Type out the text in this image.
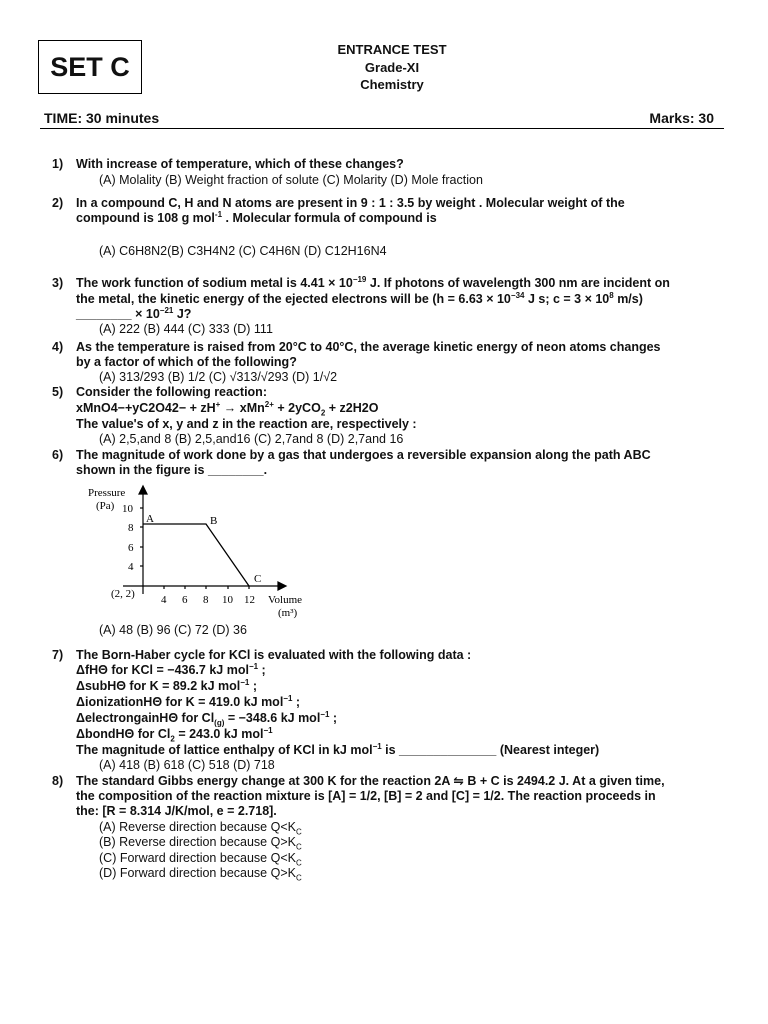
SET C
ENTRANCE TEST
Grade-XI
Chemistry
TIME: 30 minutes	Marks: 30
1) With increase of temperature, which of these changes?
(A) Molality (B) Weight fraction of solute (C) Molarity (D) Mole fraction
2) In a compound C, H and N atoms are present in 9 : 1 : 3.5 by weight . Molecular weight of the
compound is 108 g mol$^{-1}$ . Molecular formula of compound is
(A) C6H8N2(B) C3H4N2 (C) C4H6N (D) C12H16N4
3) The work function of sodium metal is $4.41 \times 10^{-19}$ J. If photons of wavelength 300 nm are incident on
the metal, the kinetic energy of the ejected electrons will be ($h = 6.63 \times 10^{-34}$ J s; $c = 3 \times 10^8$ m/s)
________ × $10^{-21}$ J?
(A) 222 (B) 444 (C) 333 (D) 111
4) As the temperature is raised from 20°C to 40°C, the average kinetic energy of neon atoms changes
by a factor of which of the following?
(A) 313/293 (B) 1/2 (C) √313/√293 (D) 1/√2
5) Consider the following reaction:
xMnO4−+yC2O42− + zH+ → xMn$^{2+}$ + 2yCO$_2$ + z2H2O
The value's of x, y and z in the reaction are, respectively :
(A) 2,5,and 8 (B) 2,5,and16 (C) 2,7and 8 (D) 2,7and 16
6) The magnitude of work done by a gas that undergoes a reversible expansion along the path ABC
shown in the figure is ________.
Pressure
(Pa) 10
8
6
4
(2, 2) 4 6 8 10 12 Volume
(m³)
A	B
C
(A) 48 (B) 96 (C) 72 (D) 36
7) The Born-Haber cycle for KCl is evaluated with the following data :
ΔfHΘ for KCl = −436.7 kJ mol$^{-1}$ ;
ΔsubHΘ for K = 89.2 kJ mol$^{-1}$ ;
ΔionizationHΘ for K = 419.0 kJ mol$^{-1}$ ;
ΔelectrongainHΘ for $Cl_{(g)} = -348.6$ kJ mol$^{-1}$ ;
ΔbondHΘ for $Cl_2 = 243.0$ kJ mol$^{-1}$
The magnitude of lattice enthalpy of KCl in kJ mol$^{-1}$ is ______________ (Nearest integer)
(A) 418 (B) 618 (C) 518 (D) 718
8) The standard Gibbs energy change at 300 K for the reaction 2A ⇋ B + C is 2494.2 J. At a given time,
the composition of the reaction mixture is [A] = 1/2, [B] = 2 and [C] = 1/2. The reaction proceeds in
the: [R = 8.314 J/K/mol, e = 2.718].
(A) Reverse direction because $Q<K_C$
(B) Reverse direction because $Q>K_C$
(C) Forward direction because $Q<K_C$
(D) Forward direction because $Q>K_C$
